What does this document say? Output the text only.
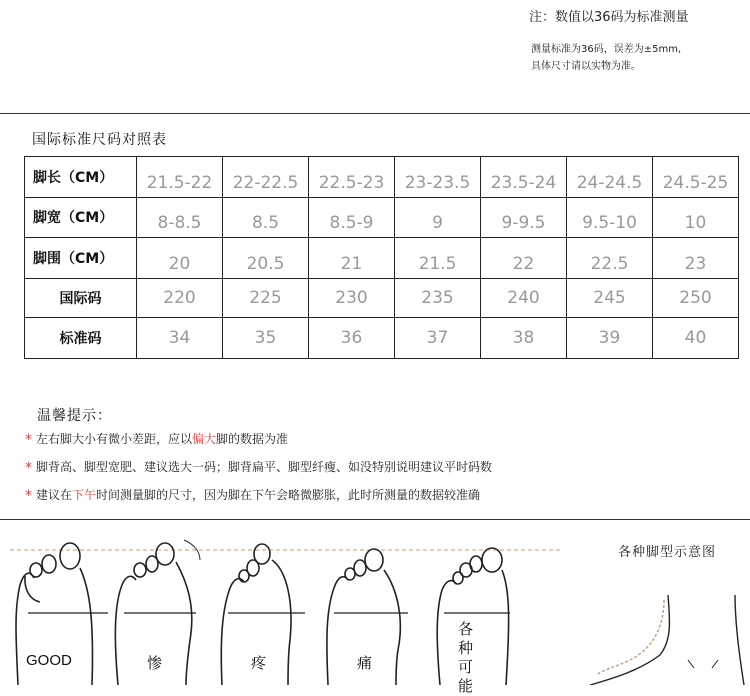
注：数值以36码为标准测量
测量标准为36码，误差为±5mm,
具体尺寸请以实物为准。
国际标准尺码对照表
脚长（CM）	21.5-22	22-22.5	22.5-23	23-23.5	23.5-24	24-24.5	24.5-25
脚宽（CM）	8-8.5	8.5	8.5-9	9	9-9.5	9.5-10	10
脚围（CM）	20	20.5	21	21.5	22	22.5	23
国际码	220	225	230	235	240	245	250
标准码	34	35	36	37	38	39	40
温馨提示：
* 左右脚大小有微小差距，应以偏大脚的数据为准
* 脚背高、脚型宽肥、建议选大一码；脚背扁平、脚型纤瘦、如没特别说明建议平时码数
* 建议在下午时间测量脚的尺寸，因为脚在下午会略微膨胀，此时所测量的数据较准确
GOOD	惨	疼	痛
各种可能
各种脚型示意图
